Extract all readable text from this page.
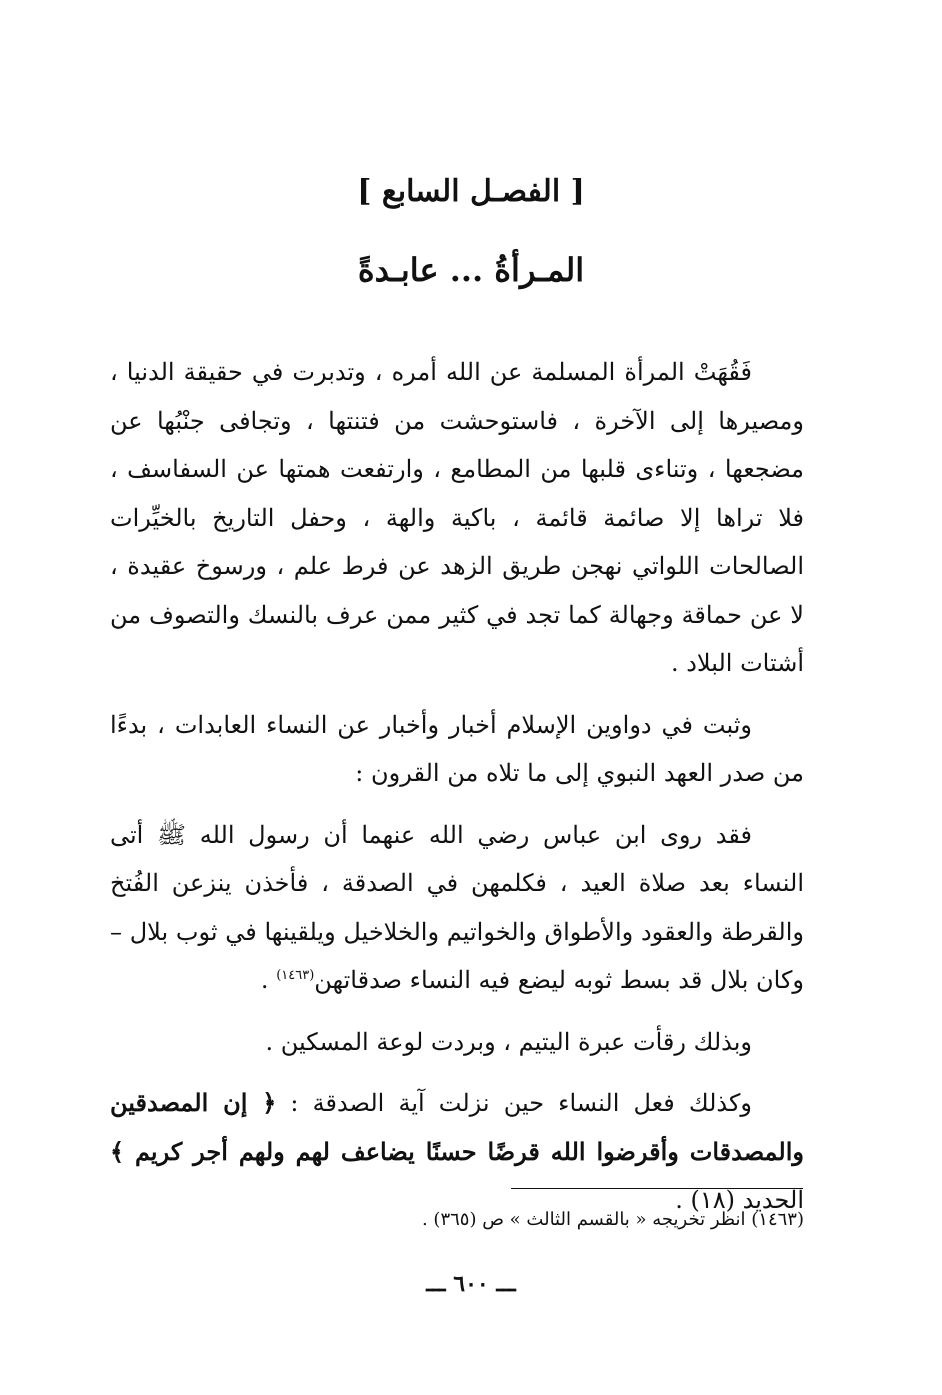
[ الفصـل السابع ]
المـرأةُ ... عابـدةً

فَقُهَتْ المرأة المسلمة عن الله أمره ، وتدبرت في حقيقة الدنيا ، ومصيرها إلى الآخرة ، فاستوحشت من فتنتها ، وتجافى جنْبُها عن مضجعها ، وتناءى قلبها من المطامع ، وارتفعت همتها عن السفاسف ، فلا تراها إلا صائمة قائمة ، باكية والهة ، وحفل التاريخ بالخيِّرات الصالحات اللواتي نهجن طريق الزهد عن فرط علم ، ورسوخ عقيدة ، لا عن حماقة وجهالة كما تجد في كثير ممن عرف بالنسك والتصوف من أشتات البلاد .

وثبت في دواوين الإسلام أخبار وأخبار عن النساء العابدات ، بدءًا من صدر العهد النبوي إلى ما تلاه من القرون :

فقد روى ابن عباس رضي الله عنهما أن رسول الله ﷺ أتى النساء بعد صلاة العيد ، فكلمهن في الصدقة ، فأخذن ينزعن الفُتخ والقرطة والعقود والأطواق والخواتيم والخلاخيل ويلقينها في ثوب بلال – وكان بلال قد بسط ثوبه ليضع فيه النساء صدقاتهن$^{(١٤٦٣)}$ .

وبذلك رقأت عبرة اليتيم ، وبردت لوعة المسكين .

وكذلك فعل النساء حين نزلت آية الصدقة : ﴿ إن المصدقين والمصدقات وأقرضوا الله قرضًا حسنًا يضاعف لهم ولهم أجر كريم ﴾ الحديد (١٨) .

(١٤٦٣) انظر تخريجه « بالقسم الثالث » ص (٣٦٥) .
ـــ ٦٠٠ ـــ
